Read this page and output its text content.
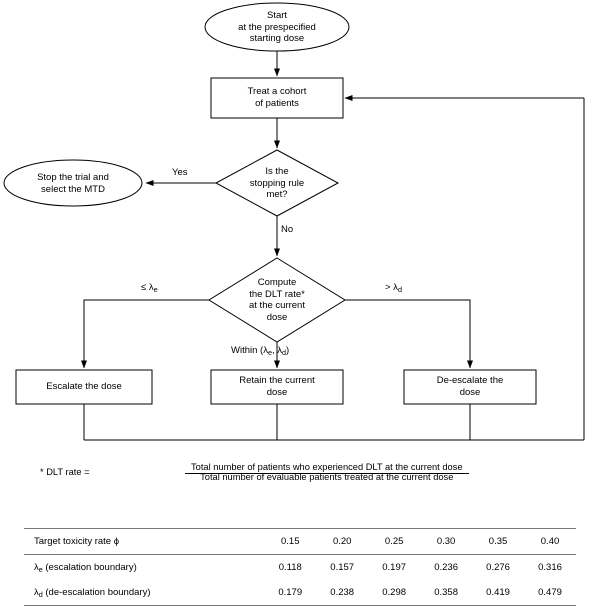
Start
at the prespecified
starting dose
Treat a cohort
of patients
Is the
stopping rule
met?
Stop the trial and
select the MTD
Compute
the DLT rate*
at the current
dose
Escalate the dose
Retain the current
dose
De-escalate the
dose
Yes
No
≤ $\lambda_e$	> $\lambda_d$
Within ($\lambda_e$, $\lambda_d$)
* DLT rate =	Total number of patients who experienced DLT at the current dose Total number of evaluable patients treated at the current dose
Target toxicity rate ϕ	0.15	0.20	0.25	0.30	0.35	0.40
$\lambda_e$ (escalation boundary)	0.118	0.157	0.197	0.236	0.276	0.316
$\lambda_d$ (de-escalation boundary)	0.179	0.238	0.298	0.358	0.419	0.479
